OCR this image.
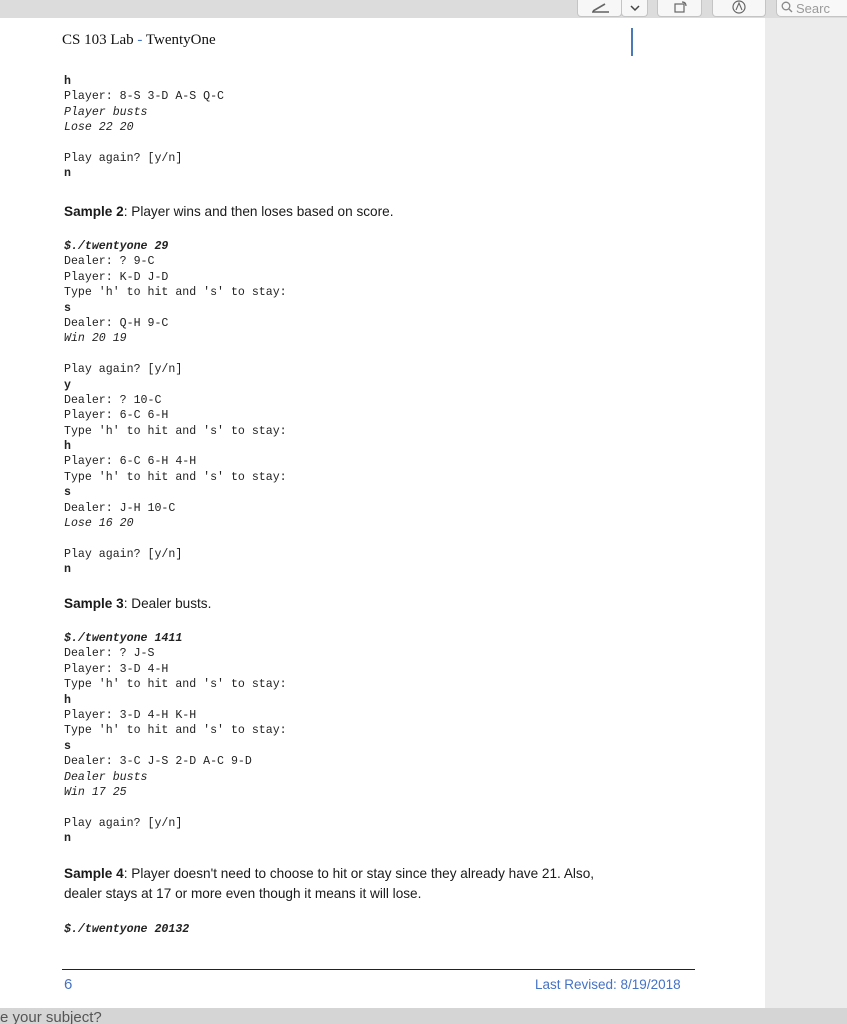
Searc
CS 103 Lab - TwentyOne
h
Player: 8-S 3-D A-S Q-C
Player busts
Lose 22 20
Play again? [y/n]
n
Sample 2: Player wins and then loses based on score.
$./twentyone 29
Dealer: ? 9-C
Player: K-D J-D
Type 'h' to hit and 's' to stay:
s
Dealer: Q-H 9-C
Win 20 19
Play again? [y/n]
y
Dealer: ? 10-C
Player: 6-C 6-H
Type 'h' to hit and 's' to stay:
h
Player: 6-C 6-H 4-H
Type 'h' to hit and 's' to stay:
s
Dealer: J-H 10-C
Lose 16 20
Play again? [y/n]
n
Sample 3: Dealer busts.
$./twentyone 1411
Dealer: ? J-S
Player: 3-D 4-H
Type 'h' to hit and 's' to stay:
h
Player: 3-D 4-H K-H
Type 'h' to hit and 's' to stay:
s
Dealer: 3-C J-S 2-D A-C 9-D
Dealer busts
Win 17 25
Play again? [y/n]
n
Sample 4: Player doesn't need to choose to hit or stay since they already have 21. Also,
dealer stays at 17 or more even though it means it will lose.
$./twentyone 20132
6	Last Revised: 8/19/2018
e your subject?
